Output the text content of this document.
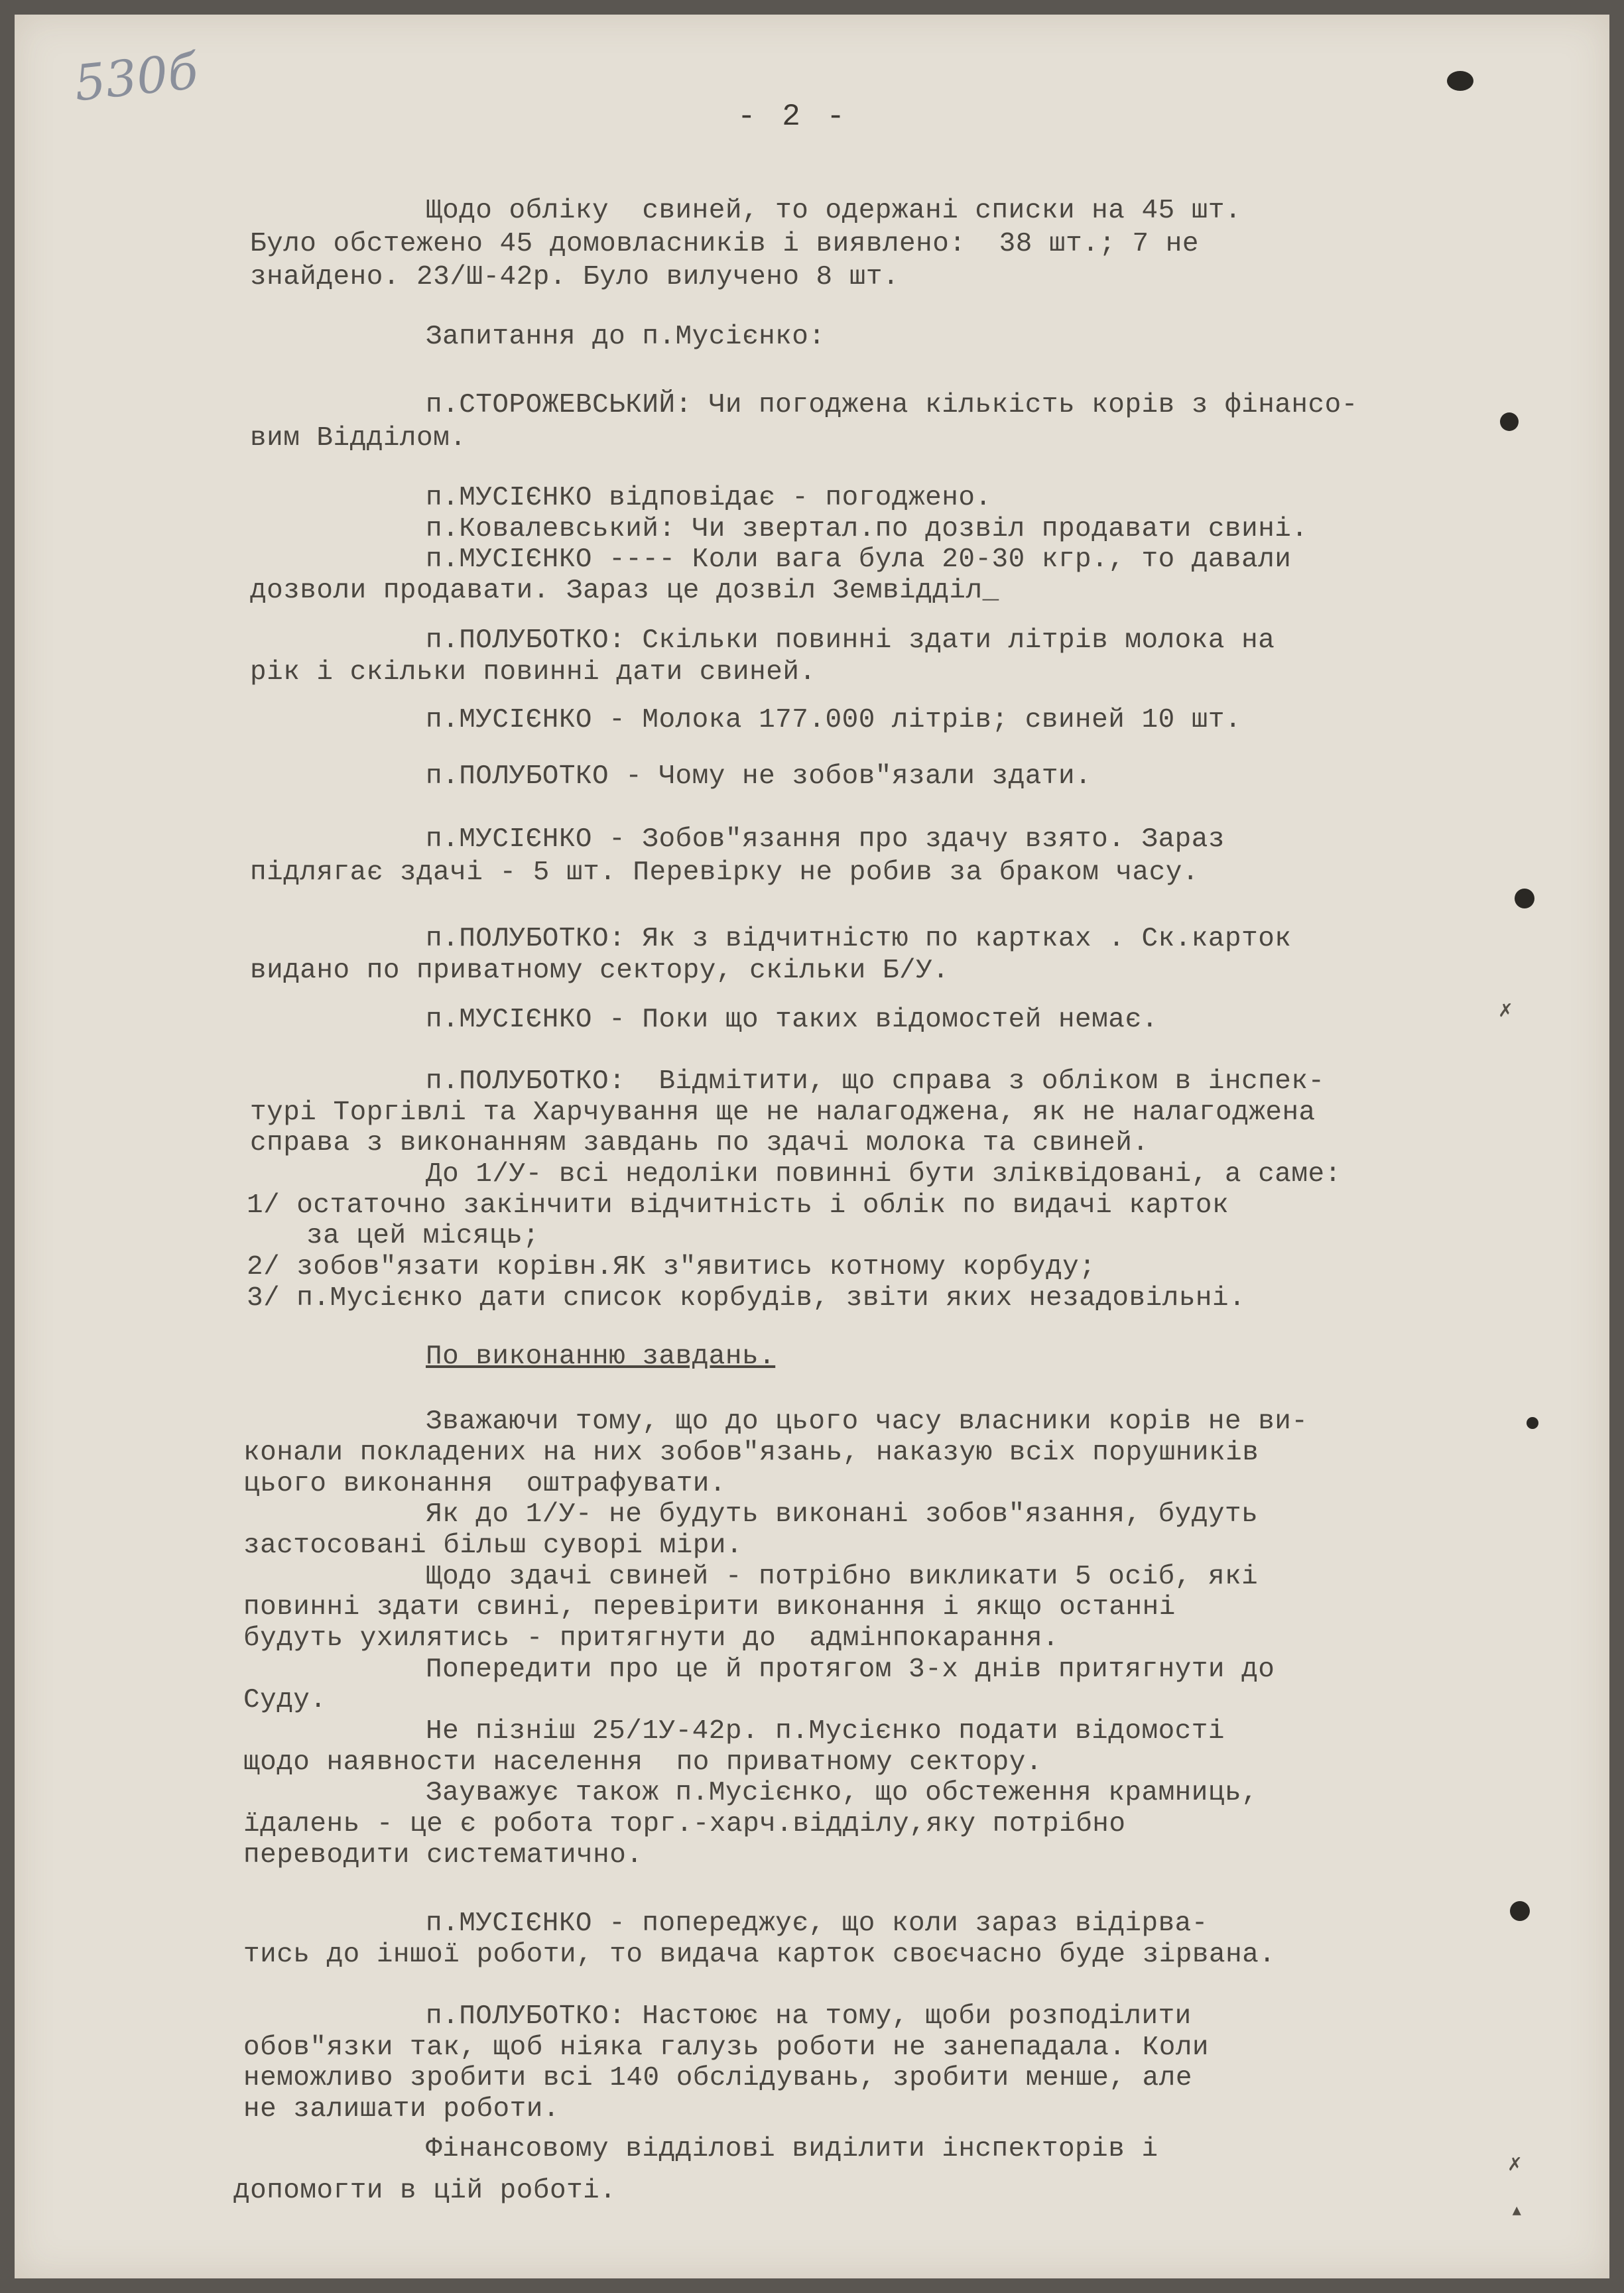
530б
- 2 -
Щодо обліку  свиней, то одержані списки на 45 шт.
Було обстежено 45 домовласників і виявлено:  38 шт.; 7 не
знайдено. 23/Ш-42р. Було вилучено 8 шт.
Запитання до п.Мусієнко:
п.СТОРОЖЕВСЬКИЙ: Чи погоджена кількість корів з фінансо-
вим Відділом.
п.МУСІЄНКО відповідає - погоджено.
п.Ковалевський: Чи звертал.по дозвіл продавати свині.
п.МУСІЄНКО ---- Коли вага була 20-30 кгр., то давали
дозволи продавати. Зараз це дозвіл Земвідділ_
п.ПОЛУБОТКО: Скільки повинні здати літрів молока на
рік і скільки повинні дати свиней.
п.МУСІЄНКО - Молока 177.000 літрів; свиней 10 шт.
п.ПОЛУБОТКО - Чому не зобов"язали здати.
п.МУСІЄНКО - Зобов"язання про здачу взято. Зараз
підлягає здачі - 5 шт. Перевірку не робив за браком часу.
п.ПОЛУБОТКО: Як з відчитністю по картках . Ск.карток
видано по приватному сектору, скільки Б/У.
п.МУСІЄНКО - Поки що таких відомостей немає.
п.ПОЛУБОТКО:  Відмітити, що справа з обліком в інспек-
турі Торгівлі та Харчування ще не налагоджена, як не налагоджена
справа з виконанням завдань по здачі молока та свиней.
До 1/У- всі недоліки повинні бути зліквідовані, а саме:
1/ остаточно закінчити відчитність і облік по видачі карток
за цей місяць;
2/ зобов"язати корівн.ЯК з"явитись котному корбуду;
3/ п.Мусієнко дати список корбудів, звіти яких незадовільні.
По виконанню завдань.
Зважаючи тому, що до цього часу власники корів не ви-
конали покладених на них зобов"язань, наказую всіх порушників
цього виконання  оштрафувати.
Як до 1/У- не будуть виконані зобов"язання, будуть
застосовані більш суворі міри.
Щодо здачі свиней - потрібно викликати 5 осіб, які
повинні здати свині, перевірити виконання і якщо останні
будуть ухилятись - притягнути до  адмінпокарання.
Попередити про це й протягом 3-х днів притягнути до
Суду.
Не пізніш 25/1У-42р. п.Мусієнко подати відомості
щодо наявности населення  по приватному сектору.
Зауважує також п.Мусієнко, що обстеження крамниць,
їдалень - це є робота торг.-харч.відділу,яку потрібно
переводити систематично.
п.МУСІЄНКО - попереджує, що коли зараз відірва-
тись до іншої роботи, то видача карток своєчасно буде зірвана.
п.ПОЛУБОТКО: Настоює на тому, щоби розподілити
обов"язки так, щоб ніяка галузь роботи не занепадала. Коли
неможливо зробити всі 140 обслідувань, зробити менше, але
не залишати роботи.
Фінансовому відділові виділити інспекторів і
допомогти в цій роботі.
✗
✗
▴
